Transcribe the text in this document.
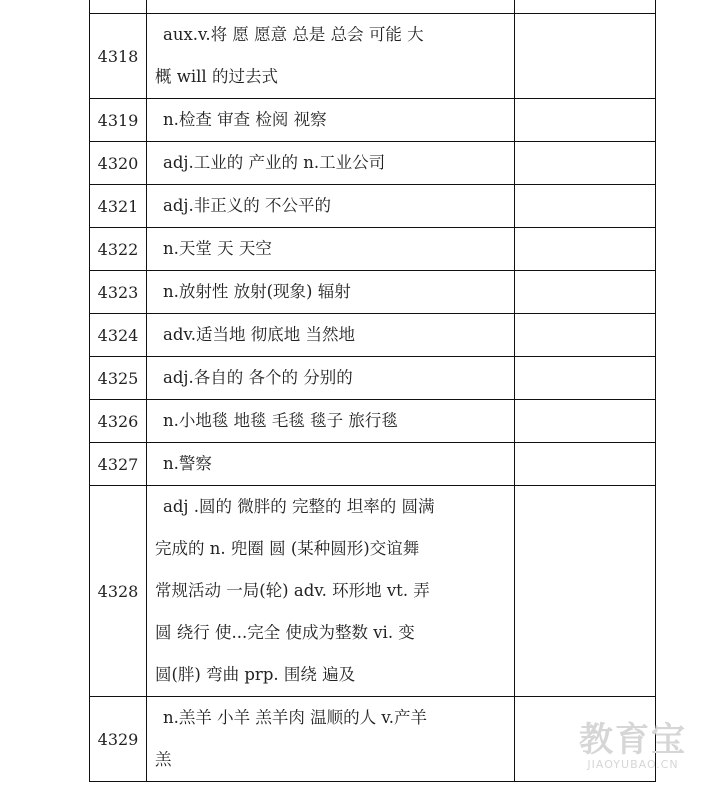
4318	aux.v.将 愿 愿意 总是 总会 可能 大
概 will 的过去式	

4319	n.检查 审查 检阅 视察	

4320	adj.工业的 产业的 n.工业公司	

4321	adj.非正义的 不公平的	

4322	n.天堂 天 天空	

4323	n.放射性 放射(现象) 辐射	

4324	adv.适当地 彻底地 当然地	

4325	adj.各自的 各个的 分别的	

4326	n.小地毯 地毯 毛毯 毯子 旅行毯	

4327	n.警察	

4328	adj .圆的 微胖的 完整的 坦率的 圆满
完成的 n. 兜圈 圆 (某种圆形)交谊舞
常规活动 一局(轮) adv. 环形地 vt. 弄
圆 绕行 使...完全 使成为整数 vi. 变
圆(胖) 弯曲 prp. 围绕 遍及	

4329	n.羔羊 小羊 羔羊肉 温顺的人 v.产羊
羔	
		教育宝
JIAOYUBAO.CN
